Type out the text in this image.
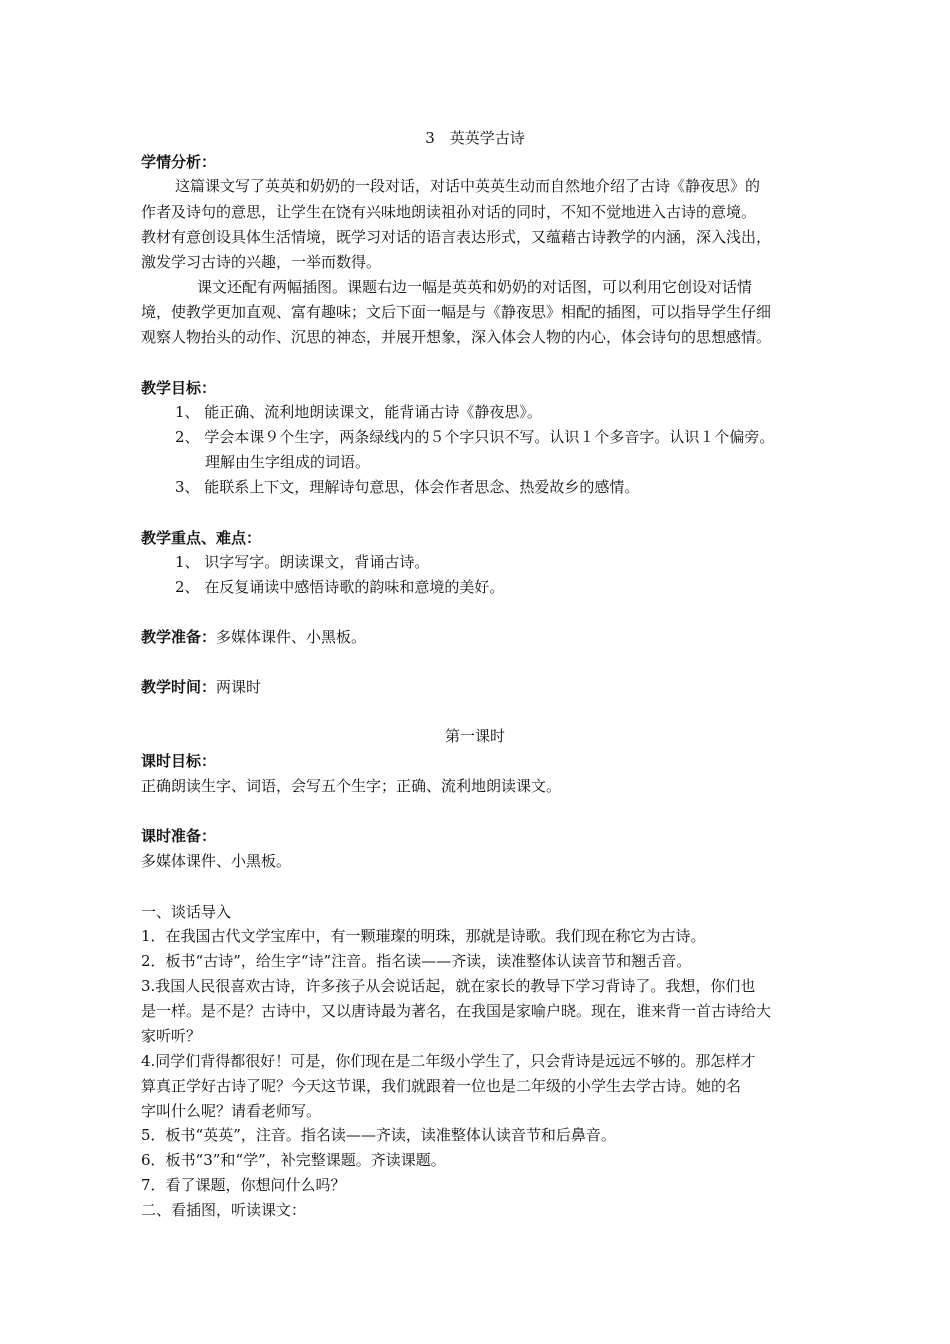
3　英英学古诗
学情分析：
这篇课文写了英英和奶奶的一段对话，对话中英英生动而自然地介绍了古诗《静夜思》的
作者及诗句的意思，让学生在饶有兴味地朗读祖孙对话的同时，不知不觉地进入古诗的意境。
教材有意创设具体生活情境，既学习对话的语言表达形式，又蕴藉古诗教学的内涵，深入浅出，
激发学习古诗的兴趣，一举而数得。
课文还配有两幅插图。课题右边一幅是英英和奶奶的对话图，可以利用它创设对话情
境，使教学更加直观、富有趣味；文后下面一幅是与《静夜思》相配的插图，可以指导学生仔细
观察人物抬头的动作、沉思的神态，并展开想象，深入体会人物的内心，体会诗句的思想感情。
教学目标：
1、 能正确、流利地朗读课文，能背诵古诗《静夜思》。
2、 学会本课９个生字，两条绿线内的５个字只识不写。认识１个多音字。认识１个偏旁。
理解由生字组成的词语。
3、 能联系上下文，理解诗句意思，体会作者思念、热爱故乡的感情。
教学重点、难点：
1、 识字写字。朗读课文，背诵古诗。
2、 在反复诵读中感悟诗歌的韵味和意境的美好。
教学准备：多媒体课件、小黑板。
教学时间：两课时
第一课时
课时目标：
正确朗读生字、词语，会写五个生字；正确、流利地朗读课文。
课时准备：
多媒体课件、小黑板。
一、谈话导入
1．在我国古代文学宝库中，有一颗璀璨的明珠，那就是诗歌。我们现在称它为古诗。
2．板书“古诗”，给生字“诗”注音。指名读——齐读，读准整体认读音节和翘舌音。
3.我国人民很喜欢古诗，许多孩子从会说话起，就在家长的教导下学习背诗了。我想，你们也
是一样。是不是？古诗中，又以唐诗最为著名，在我国是家喻户晓。现在，谁来背一首古诗给大
家听听？
4.同学们背得都很好！可是，你们现在是二年级小学生了，只会背诗是远远不够的。那怎样才
算真正学好古诗了呢？今天这节课，我们就跟着一位也是二年级的小学生去学古诗。她的名
字叫什么呢？请看老师写。
5．板书“英英”，注音。指名读——齐读，读准整体认读音节和后鼻音。
6．板书“3”和“学”，补完整课题。齐读课题。
7．看了课题，你想问什么吗？
二、看插图，听读课文：
